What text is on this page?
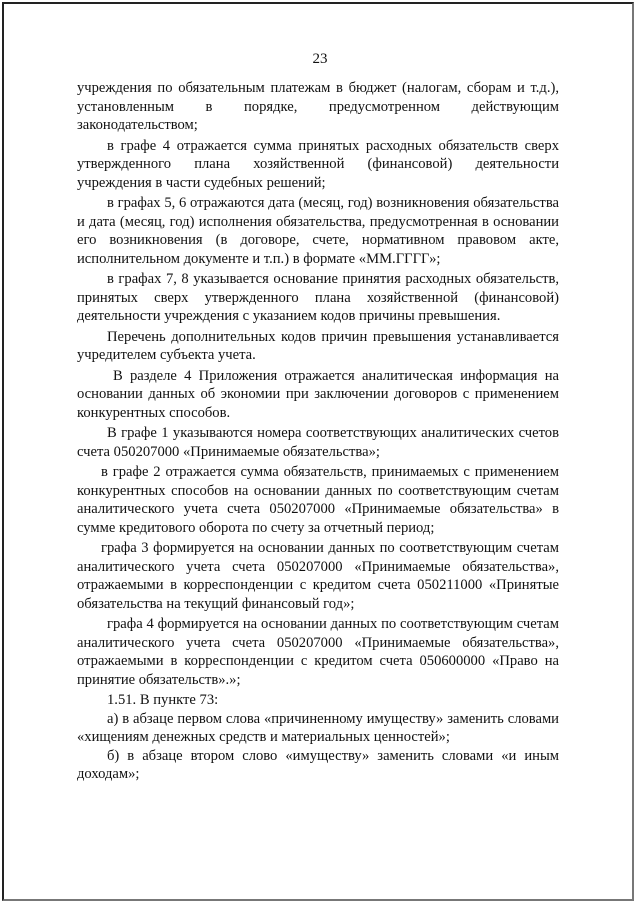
23

учреждения по обязательным платежам в бюджет (налогам, сборам и т.д.), установленным в порядке, предусмотренном действующим законодательством;

в графе 4 отражается сумма принятых расходных обязательств сверх утвержденного плана хозяйственной (финансовой) деятельности учреждения в части судебных решений;

в графах 5, 6 отражаются дата (месяц, год) возникновения обязательства и дата (месяц, год) исполнения обязательства, предусмотренная в основании его возникновения (в договоре, счете, нормативном правовом акте, исполнительном документе и т.п.) в формате «ММ.ГГГГ»;

в графах 7, 8 указывается основание принятия расходных обязательств, принятых сверх утвержденного плана хозяйственной (финансовой) деятельности учреждения с указанием кодов причины превышения.

Перечень дополнительных кодов причин превышения устанавливается учредителем субъекта учета.

В разделе 4 Приложения отражается аналитическая информация на основании данных об экономии при заключении договоров с применением конкурентных способов.

В графе 1 указываются номера соответствующих аналитических счетов счета 050207000 «Принимаемые обязательства»;

в графе 2 отражается сумма обязательств, принимаемых с применением конкурентных способов на основании данных по соответствующим счетам аналитического учета счета 050207000 «Принимаемые обязательства» в сумме кредитового оборота по счету за отчетный период;

графа 3 формируется на основании данных по соответствующим счетам аналитического учета счета 050207000 «Принимаемые обязательства», отражаемыми в корреспонденции с кредитом счета 050211000 «Принятые обязательства на текущий финансовый год»;

графа 4 формируется на основании данных по соответствующим счетам аналитического учета счета 050207000 «Принимаемые обязательства», отражаемыми в корреспонденции с кредитом счета 050600000 «Право на принятие обязательств».»;

1.51. В пункте 73:

а) в абзаце первом слова «причиненному имуществу» заменить словами «хищениям денежных средств и материальных ценностей»;

б) в абзаце втором слово «имуществу» заменить словами «и иным доходам»;
